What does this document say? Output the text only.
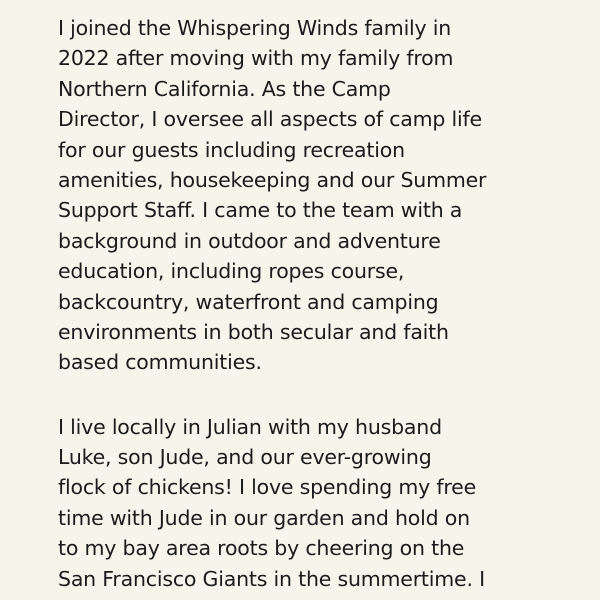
I joined the Whispering Winds family in
2022 after moving with my family from
Northern California. As the Camp
Director, I oversee all aspects of camp life
for our guests including recreation
amenities, housekeeping and our Summer
Support Staff. I came to the team with a
background in outdoor and adventure
education, including ropes course,
backcountry, waterfront and camping
environments in both secular and faith
based communities.
I live locally in Julian with my husband
Luke, son Jude, and our ever-growing
flock of chickens! I love spending my free
time with Jude in our garden and hold on
to my bay area roots by cheering on the
San Francisco Giants in the summertime. I
